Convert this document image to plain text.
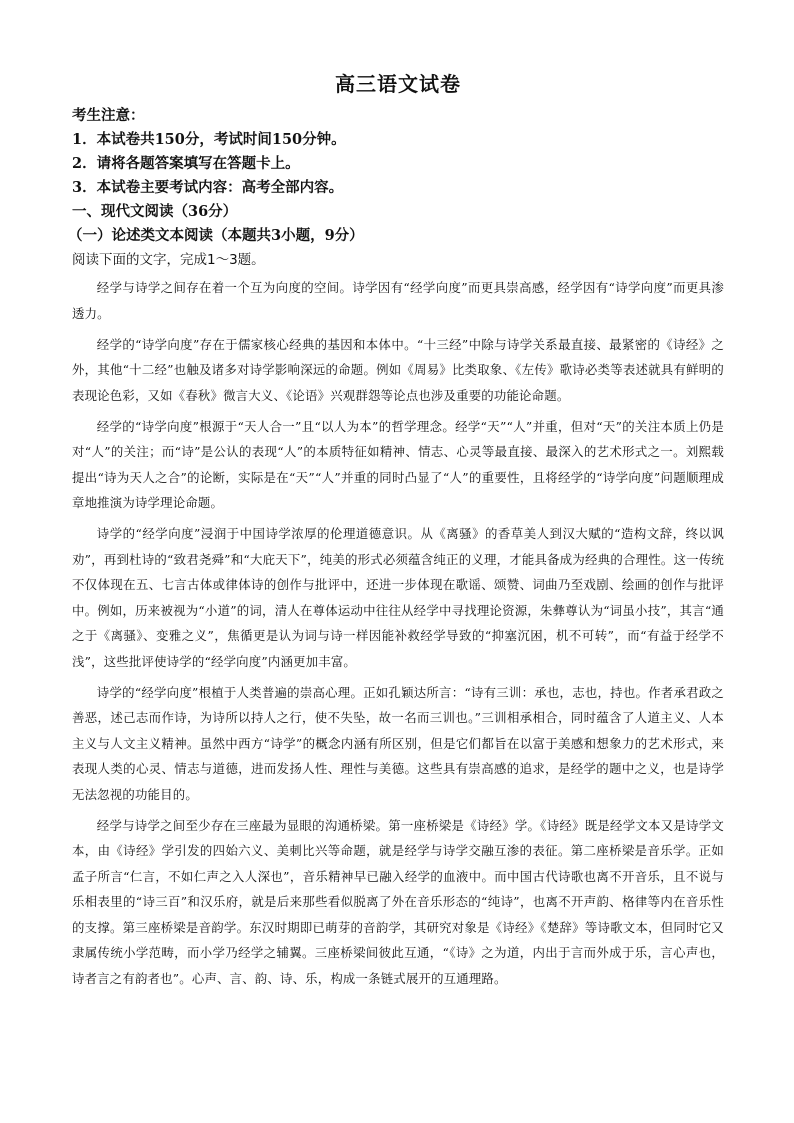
高三语文试卷

考生注意：

1．本试卷共150分，考试时间150分钟。

2．请将各题答案填写在答题卡上。

3．本试卷主要考试内容：高考全部内容。

一、现代文阅读（36分）

（一）论述类文本阅读（本题共3小题，9分）

阅读下面的文字，完成1～3题。

经学与诗学之间存在着一个互为向度的空间。诗学因有“经学向度”而更具崇高感，经学因有“诗学向度”而更具渗透力。

经学的“诗学向度”存在于儒家核心经典的基因和本体中。“十三经”中除与诗学关系最直接、最紧密的《诗经》之外，其他“十二经”也触及诸多对诗学影响深远的命题。例如《周易》比类取象、《左传》歌诗必类等表述就具有鲜明的表现论色彩，又如《春秋》微言大义、《论语》兴观群怨等论点也涉及重要的功能论命题。

经学的“诗学向度”根源于“天人合一”且“以人为本”的哲学理念。经学“天”“人”并重，但对“天”的关注本质上仍是对“人”的关注；而“诗”是公认的表现“人”的本质特征如精神、情志、心灵等最直接、最深入的艺术形式之一。刘熙载提出“诗为天人之合”的论断，实际是在“天”“人”并重的同时凸显了“人”的重要性，且将经学的“诗学向度”问题顺理成章地推演为诗学理论命题。

诗学的“经学向度”浸润于中国诗学浓厚的伦理道德意识。从《离骚》的香草美人到汉大赋的“造构文辞，终以讽劝”，再到杜诗的“致君尧舜”和“大庇天下”，纯美的形式必须蕴含纯正的义理，才能具备成为经典的合理性。这一传统不仅体现在五、七言古体或律体诗的创作与批评中，还进一步体现在歌谣、颂赞、词曲乃至戏剧、绘画的创作与批评中。例如，历来被视为“小道”的词，清人在尊体运动中往往从经学中寻找理论资源，朱彝尊认为“词虽小技”，其言“通之于《离骚》、变雅之义”，焦循更是认为词与诗一样因能补救经学导致的“抑塞沉困，机不可转”，而“有益于经学不浅”，这些批评使诗学的“经学向度”内涵更加丰富。

诗学的“经学向度”根植于人类普遍的崇高心理。正如孔颖达所言：“诗有三训：承也，志也，持也。作者承君政之善恶，述己志而作诗，为诗所以持人之行，使不失坠，故一名而三训也。”三训相承相合，同时蕴含了人道主义、人本主义与人文主义精神。虽然中西方“诗学”的概念内涵有所区别，但是它们都旨在以富于美感和想象力的艺术形式，来表现人类的心灵、情志与道德，进而发扬人性、理性与美德。这些具有崇高感的追求，是经学的题中之义，也是诗学无法忽视的功能目的。

经学与诗学之间至少存在三座最为显眼的沟通桥梁。第一座桥梁是《诗经》学。《诗经》既是经学文本又是诗学文本，由《诗经》学引发的四始六义、美刺比兴等命题，就是经学与诗学交融互渗的表征。第二座桥梁是音乐学。正如孟子所言“仁言，不如仁声之入人深也”，音乐精神早已融入经学的血液中。而中国古代诗歌也离不开音乐，且不说与乐相表里的“诗三百”和汉乐府，就是后来那些看似脱离了外在音乐形态的“纯诗”，也离不开声韵、格律等内在音乐性的支撑。第三座桥梁是音韵学。东汉时期即已萌芽的音韵学，其研究对象是《诗经》《楚辞》等诗歌文本，但同时它又隶属传统小学范畴，而小学乃经学之辅翼。三座桥梁间彼此互通，“《诗》之为道，内出于言而外成于乐，言心声也，诗者言之有韵者也”。心声、言、韵、诗、乐，构成一条链式展开的互通理路。
